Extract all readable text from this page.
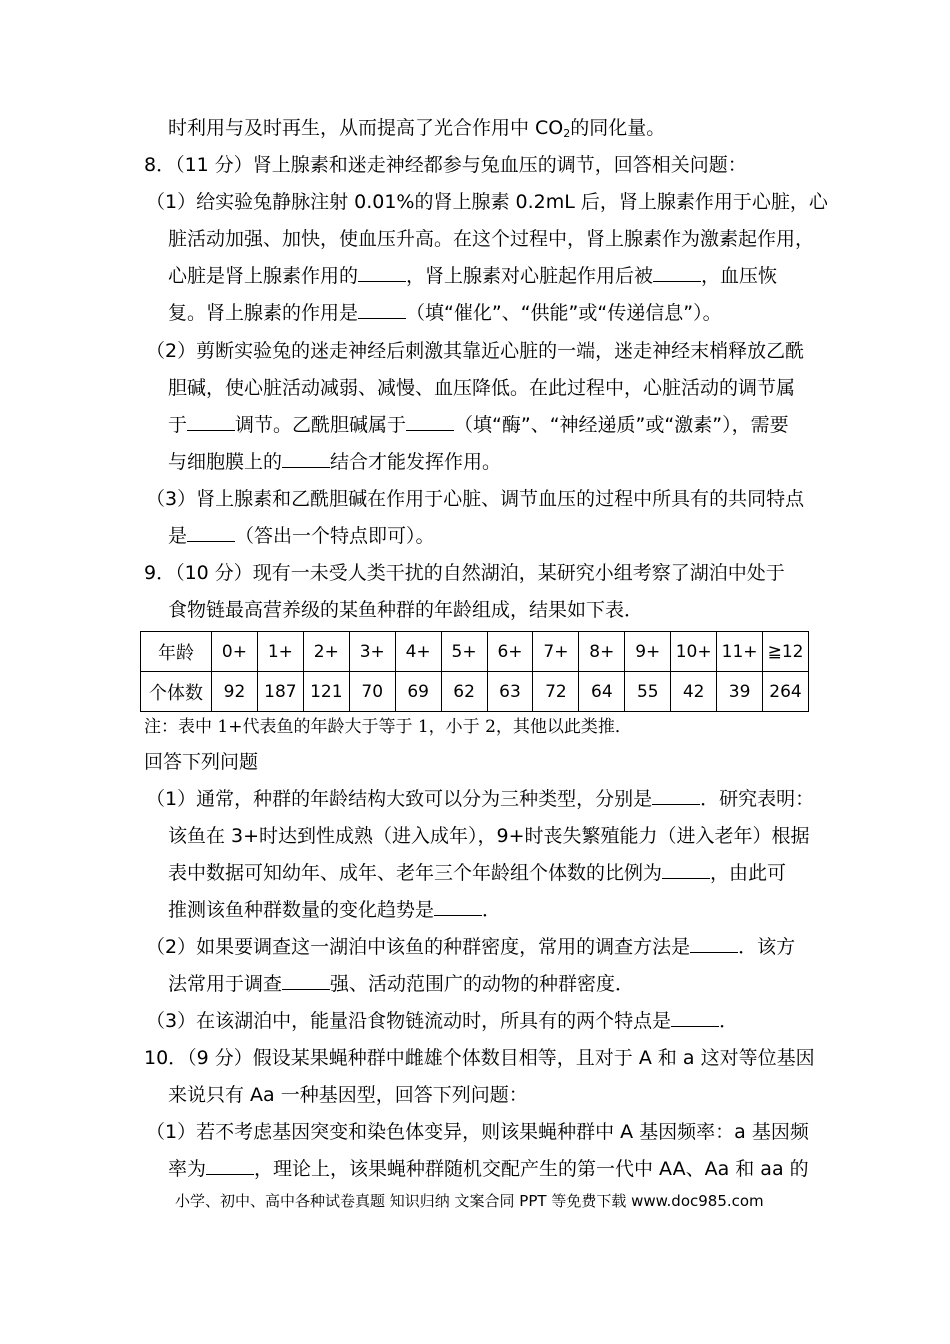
时利用与及时再生，从而提高了光合作用中 $CO_2$的同化量。
8．（11 分）肾上腺素和迷走神经都参与兔血压的调节，回答相关问题：
（1）给实验兔静脉注射 0.01%的肾上腺素 0.2mL 后，肾上腺素作用于心脏，心
脏活动加强、加快，使血压升高。在这个过程中，肾上腺素作为激素起作用，
心脏是肾上腺素作用的	，肾上腺素对心脏起作用后被	，血压恢
复。肾上腺素的作用是	（填“催化”、“供能”或“传递信息”）。
（2）剪断实验兔的迷走神经后刺激其靠近心脏的一端，迷走神经末梢释放乙酰
胆碱，使心脏活动减弱、减慢、血压降低。在此过程中，心脏活动的调节属
于	调节。乙酰胆碱属于	（填“酶”、“神经递质”或“激素”），需要
与细胞膜上的	结合才能发挥作用。
（3）肾上腺素和乙酰胆碱在作用于心脏、调节血压的过程中所具有的共同特点
是	（答出一个特点即可）。
9．（10 分）现有一未受人类干扰的自然湖泊，某研究小组考察了湖泊中处于
食物链最高营养级的某鱼种群的年龄组成，结果如下表．
年龄	0+	1+	2+	3+	4+	5+	6+	7+	8+	9+	10+	11+	≧12
个体数	92	187	121	70	69	62	63	72	64	55	42	39	264
注：表中 1+代表鱼的年龄大于等于 1，小于 2，其他以此类推．
回答下列问题
（1）通常，种群的年龄结构大致可以分为三种类型，分别是	．研究表明：
该鱼在 3+时达到性成熟（进入成年），9+时丧失繁殖能力（进入老年）根据
表中数据可知幼年、成年、老年三个年龄组个体数的比例为	，由此可
推测该鱼种群数量的变化趋势是	．
（2）如果要调查这一湖泊中该鱼的种群密度，常用的调查方法是	．该方
法常用于调查	强、活动范围广的动物的种群密度．
（3）在该湖泊中，能量沿食物链流动时，所具有的两个特点是	．
10．（9 分）假设某果蝇种群中雌雄个体数目相等，且对于 A 和 a 这对等位基因
来说只有 Aa 一种基因型，回答下列问题：
（1）若不考虑基因突变和染色体变异，则该果蝇种群中 A 基因频率：a 基因频
率为	，理论上，该果蝇种群随机交配产生的第一代中 AA、Aa 和 aa 的
小学、初中、高中各种试卷真题 知识归纳 文案合同 PPT 等免费下载 www.doc985.com
